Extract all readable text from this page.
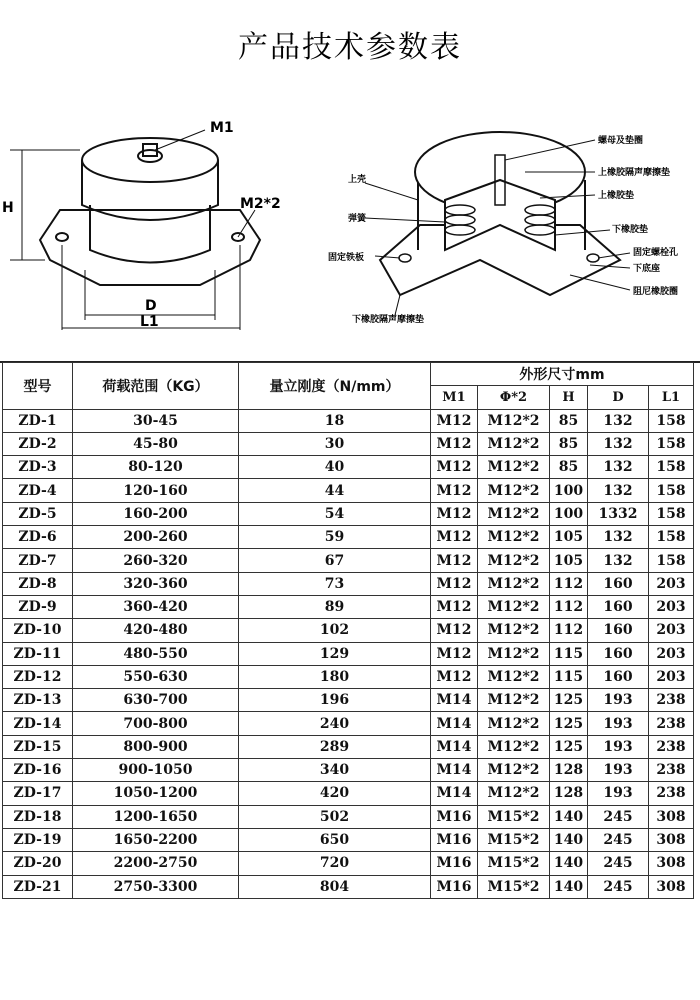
产品技术参数表
M1
M2*2
H
D
L1
螺母及垫圈
上橡胶隔声摩擦垫
上壳
上橡胶垫
弹簧
下橡胶垫
固定铁板	固定螺栓孔
下底座
阻尼橡胶圈
下橡胶隔声摩擦垫
型号	荷载范围（KG）	量立刚度（N/mm）	外形尺寸mm				
			M1	Φ*2	H	D	L1
ZD-1	30-45	18	M12	M12*2	85	132	158
ZD-2	45-80	30	M12	M12*2	85	132	158
ZD-3	80-120	40	M12	M12*2	85	132	158
ZD-4	120-160	44	M12	M12*2	100	132	158
ZD-5	160-200	54	M12	M12*2	100	1332	158
ZD-6	200-260	59	M12	M12*2	105	132	158
ZD-7	260-320	67	M12	M12*2	105	132	158
ZD-8	320-360	73	M12	M12*2	112	160	203
ZD-9	360-420	89	M12	M12*2	112	160	203
ZD-10	420-480	102	M12	M12*2	112	160	203
ZD-11	480-550	129	M12	M12*2	115	160	203
ZD-12	550-630	180	M12	M12*2	115	160	203
ZD-13	630-700	196	M14	M12*2	125	193	238
ZD-14	700-800	240	M14	M12*2	125	193	238
ZD-15	800-900	289	M14	M12*2	125	193	238
ZD-16	900-1050	340	M14	M12*2	128	193	238
ZD-17	1050-1200	420	M14	M12*2	128	193	238
ZD-18	1200-1650	502	M16	M15*2	140	245	308
ZD-19	1650-2200	650	M16	M15*2	140	245	308
ZD-20	2200-2750	720	M16	M15*2	140	245	308
ZD-21	2750-3300	804	M16	M15*2	140	245	308
